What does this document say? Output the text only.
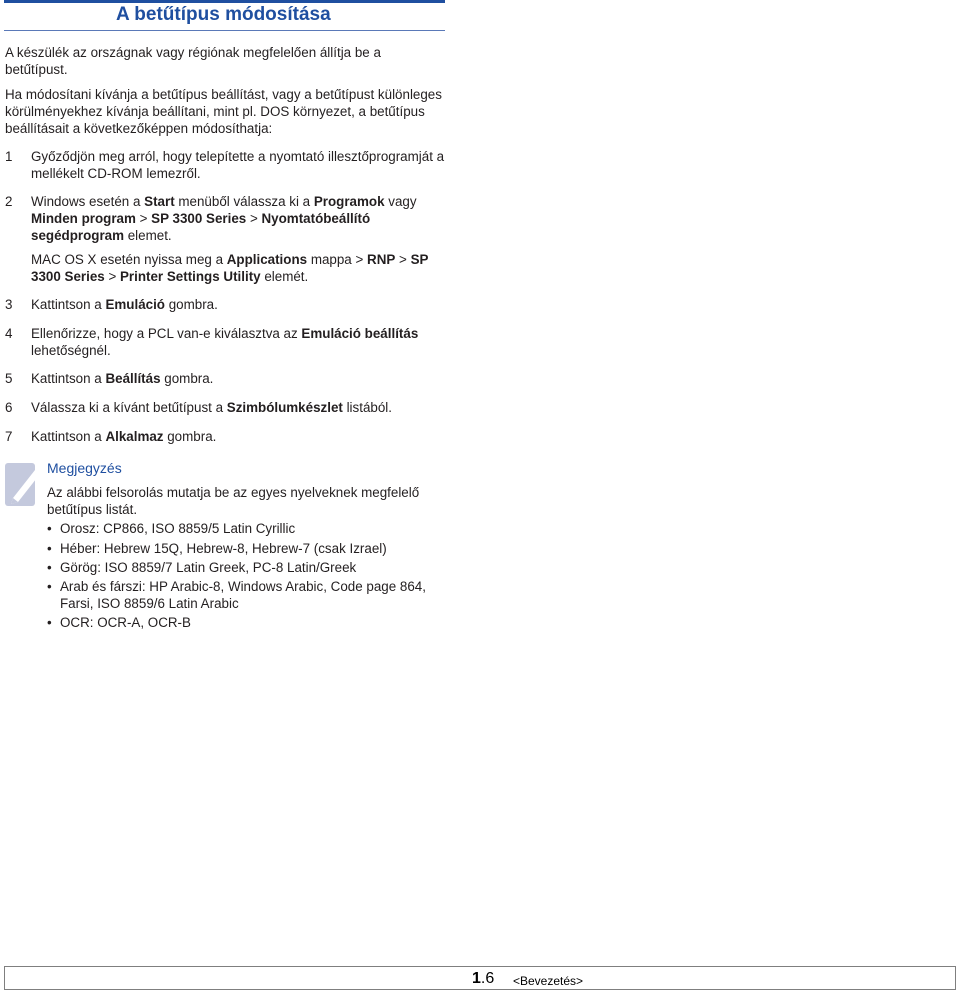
A betűtípus módosítása
A készülék az országnak vagy régiónak megfelelően állítja be a betűtípust.
Ha módosítani kívánja a betűtípus beállítást, vagy a betűtípust különleges körülményekhez kívánja beállítani, mint pl. DOS környezet, a betűtípus beállításait a következőképpen módosíthatja:
1	Győződjön meg arról, hogy telepítette a nyomtató illesztőprogramját a mellékelt CD-ROM lemezről.
2	Windows esetén a Start menüből válassza ki a Programok vagy Minden program > SP 3300 Series > Nyomtatóbeállító segédprogram elemet.
MAC OS X esetén nyissa meg a Applications mappa > RNP > SP 3300 Series > Printer Settings Utility elemét.
3	Kattintson a Emuláció gombra.
4	Ellenőrizze, hogy a PCL van-e kiválasztva az Emuláció beállítás lehetőségnél.
5	Kattintson a Beállítás gombra.
6	Válassza ki a kívánt betűtípust a Szimbólumkészlet listából.
7	Kattintson a Alkalmaz gombra.
Megjegyzés
Az alábbi felsorolás mutatja be az egyes nyelveknek megfelelő betűtípus listát.
• Orosz: CP866, ISO 8859/5 Latin Cyrillic
• Héber: Hebrew 15Q, Hebrew-8, Hebrew-7 (csak Izrael)
• Görög: ISO 8859/7 Latin Greek, PC-8 Latin/Greek
• Arab és fárszi: HP Arabic-8, Windows Arabic, Code page 864, Farsi, ISO 8859/6 Latin Arabic
• OCR: OCR-A, OCR-B
1.6 <Bevezetés>
